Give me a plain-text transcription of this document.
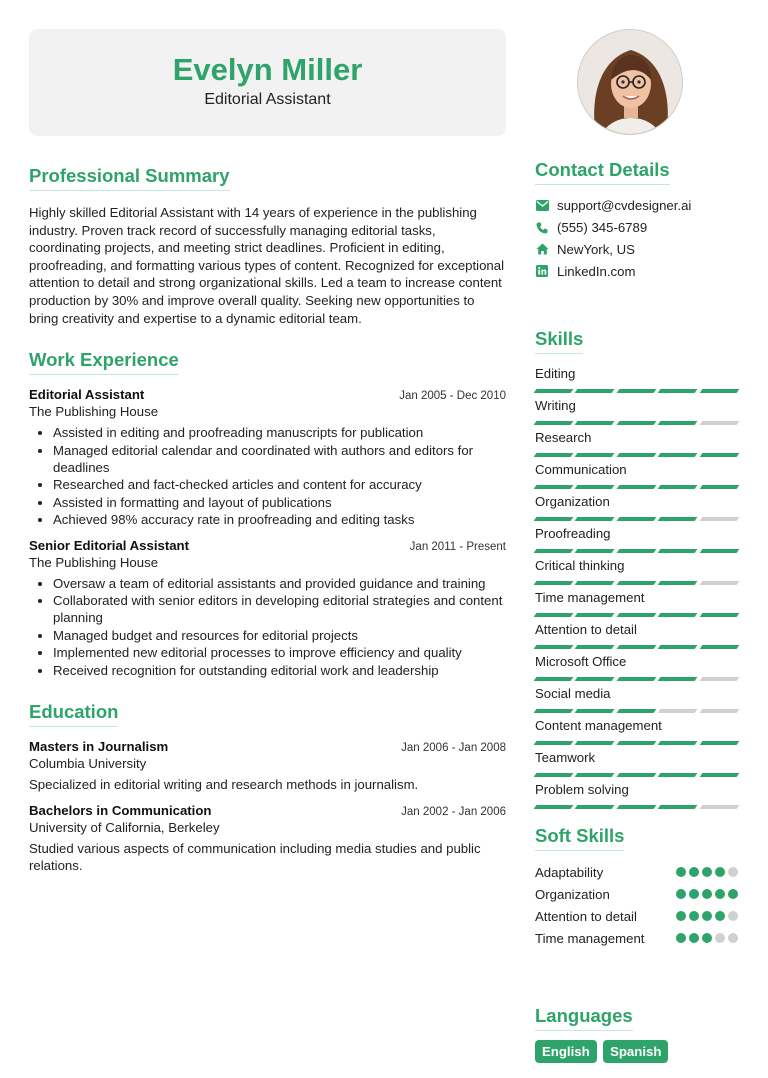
Evelyn Miller
Editorial Assistant
Professional Summary

Highly skilled Editorial Assistant with 14 years of experience in the publishing industry. Proven track record of successfully managing editorial tasks, coordinating projects, and meeting strict deadlines. Proficient in editing, proofreading, and formatting various types of content. Recognized for exceptional attention to detail and strong organizational skills. Led a team to increase content production by 30% and improve overall quality. Seeking new opportunities to bring creativity and expertise to a dynamic editorial team.

Work Experience
Editorial Assistant	Jan 2005 - Dec 2010
The Publishing House
• Assisted in editing and proofreading manuscripts for publication
• Managed editorial calendar and coordinated with authors and editors for deadlines
• Researched and fact-checked articles and content for accuracy
• Assisted in formatting and layout of publications
• Achieved 98% accuracy rate in proofreading and editing tasks
Senior Editorial Assistant	Jan 2011 - Present
The Publishing House
• Oversaw a team of editorial assistants and provided guidance and training
• Collaborated with senior editors in developing editorial strategies and content planning
• Managed budget and resources for editorial projects
• Implemented new editorial processes to improve efficiency and quality
• Received recognition for outstanding editorial work and leadership
Education
Masters in Journalism	Jan 2006 - Jan 2008
Columbia University

Specialized in editorial writing and research methods in journalism.

Bachelors in Communication	Jan 2002 - Jan 2006
University of California, Berkeley

Studied various aspects of communication including media studies and public relations.

Contact Details
support@cvdesigner.ai
(555) 345-6789
NewYork, US
LinkedIn.com
Skills
Editing
Writing
Research
Communication
Organization
Proofreading
Critical thinking
Time management
Attention to detail
Microsoft Office
Social media
Content management
Teamwork
Problem solving
Soft Skills
Adaptability
Organization
Attention to detail
Time management
Languages
English Spanish
